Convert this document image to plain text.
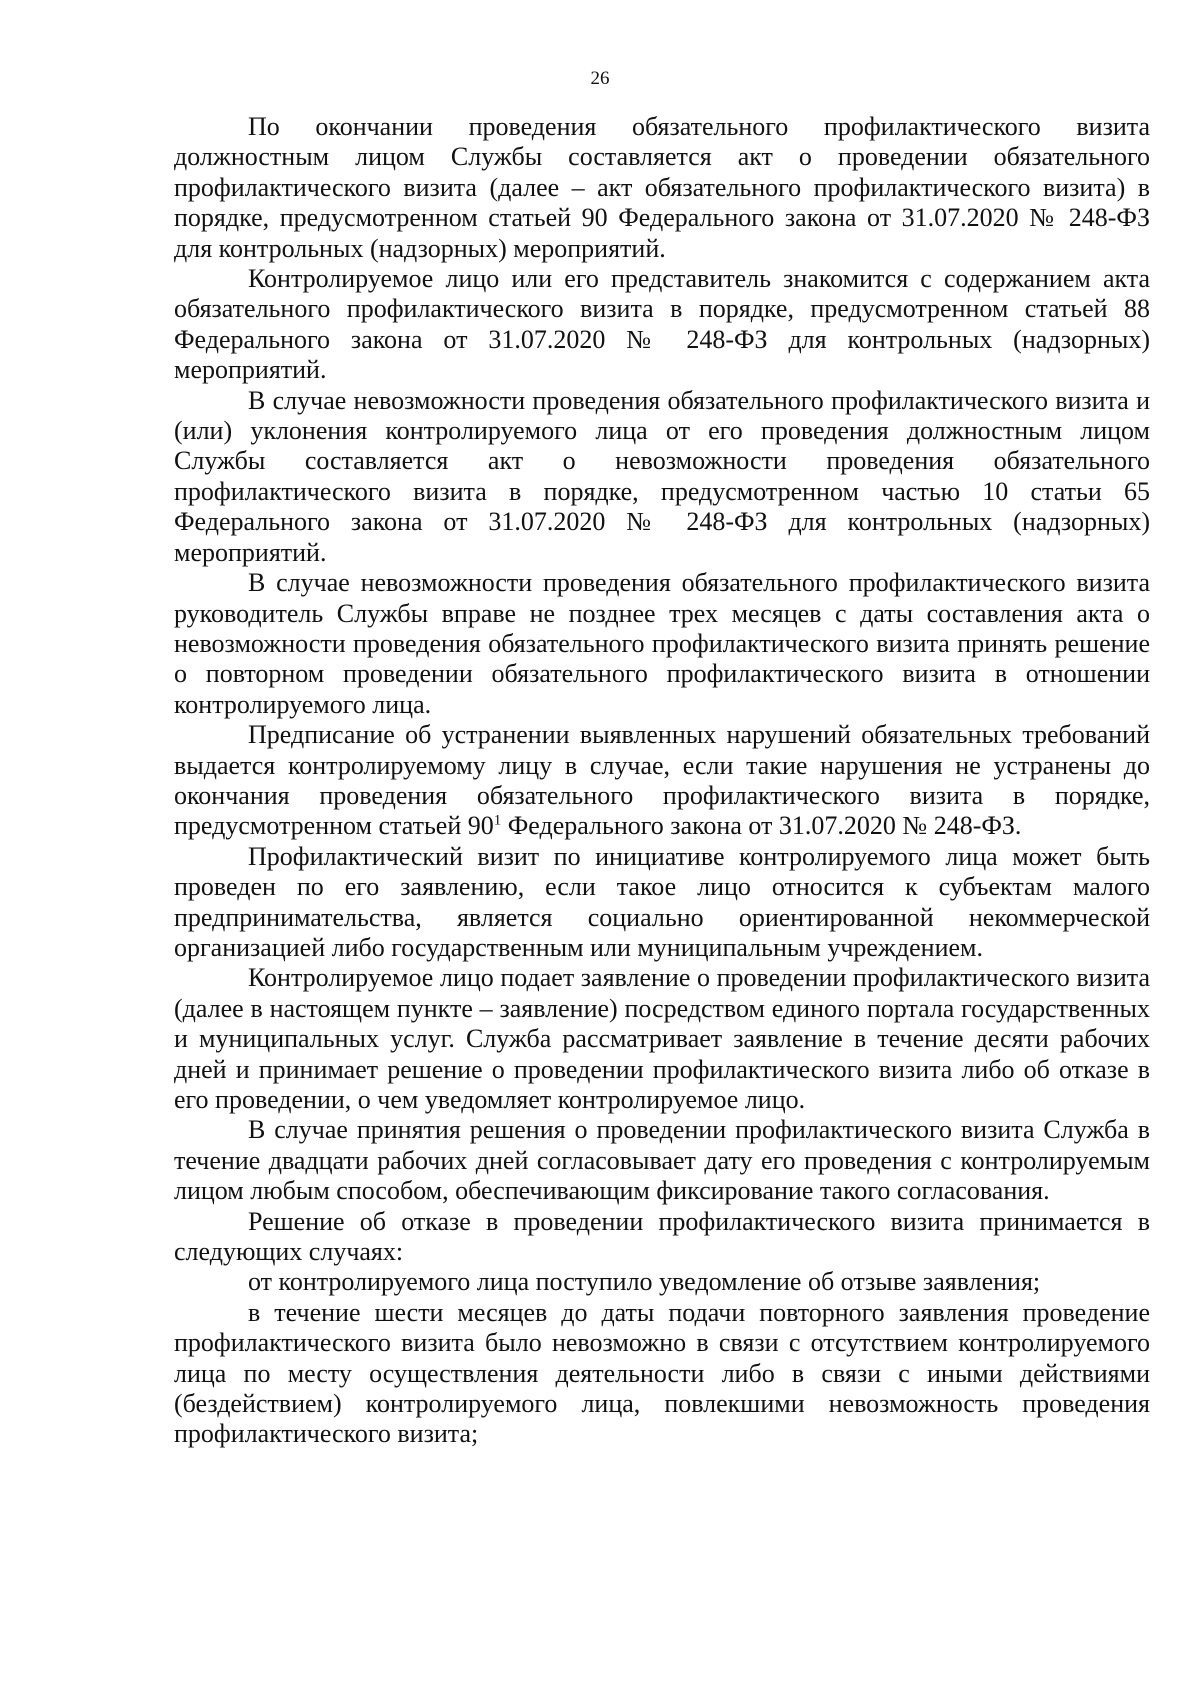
26

По окончании проведения обязательного профилактического визита должностным лицом Службы составляется акт о проведении обязательного профилактического визита (далее – акт обязательного профилактического визита) в порядке, предусмотренном статьей 90 Федерального закона от 31.07.2020 № 248-ФЗ для контрольных (надзорных) мероприятий.

Контролируемое лицо или его представитель знакомится с содержанием акта обязательного профилактического визита в порядке, предусмотренном статьей 88 Федерального закона от 31.07.2020 № 248-ФЗ для контрольных (надзорных) мероприятий.

В случае невозможности проведения обязательного профилактического визита и (или) уклонения контролируемого лица от его проведения должностным лицом Службы составляется акт о невозможности проведения обязательного профилактического визита в порядке, предусмотренном частью 10 статьи 65 Федерального закона от 31.07.2020 № 248-ФЗ для контрольных (надзорных) мероприятий.

В случае невозможности проведения обязательного профилактического визита руководитель Службы вправе не позднее трех месяцев с даты составления акта о невозможности проведения обязательного профилактического визита принять решение о повторном проведении обязательного профилактического визита в отношении контролируемого лица.

Предписание об устранении выявленных нарушений обязательных требований выдается контролируемому лицу в случае, если такие нарушения не устранены до окончания проведения обязательного профилактического визита в порядке, предусмотренном статьей $90^1$ Федерального закона от 31.07.2020 № 248-ФЗ.

Профилактический визит по инициативе контролируемого лица может быть проведен по его заявлению, если такое лицо относится к субъектам малого предпринимательства, является социально ориентированной некоммерческой организацией либо государственным или муниципальным учреждением.

Контролируемое лицо подает заявление о проведении профилактического визита (далее в настоящем пункте – заявление) посредством единого портала государственных и муниципальных услуг. Служба рассматривает заявление в течение десяти рабочих дней и принимает решение о проведении профилактического визита либо об отказе в его проведении, о чем уведомляет контролируемое лицо.

В случае принятия решения о проведении профилактического визита Служба в течение двадцати рабочих дней согласовывает дату его проведения с контролируемым лицом любым способом, обеспечивающим фиксирование такого согласования.

Решение об отказе в проведении профилактического визита принимается в следующих случаях:

от контролируемого лица поступило уведомление об отзыве заявления;

в течение шести месяцев до даты подачи повторного заявления проведение профилактического визита было невозможно в связи с отсутствием контролируемого лица по месту осуществления деятельности либо в связи с иными действиями (бездействием) контролируемого лица, повлекшими невозможность проведения профилактического визита;
